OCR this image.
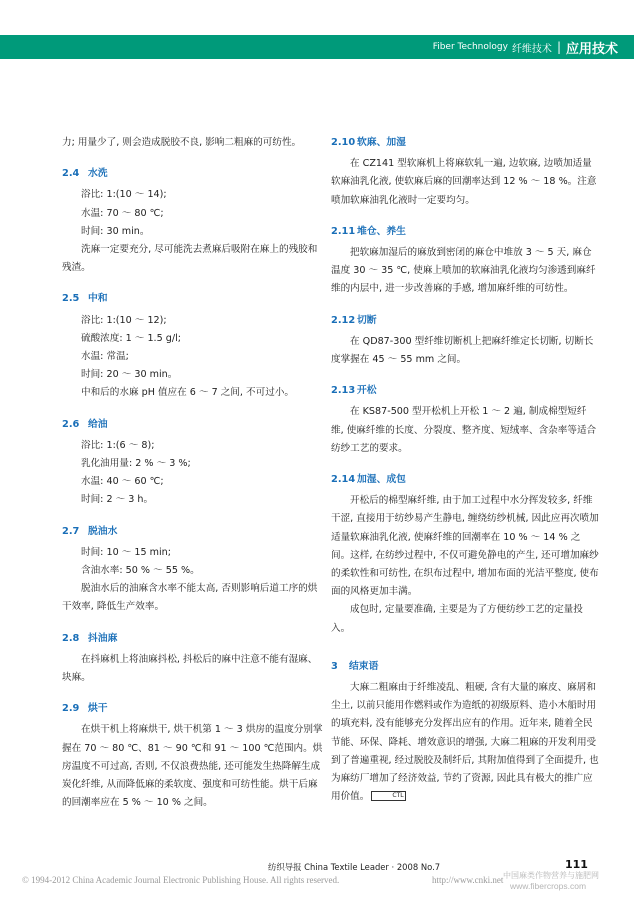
Fiber Technology 纤维技术 | 应用技术

力; 用量少了, 则会造成脱胶不良, 影响二粗麻的可纺性。

2.4 水洗

浴比: 1:(10 ～ 14);

水温: 70 ～ 80 ℃;

时间: 30 min。

洗麻一定要充分, 尽可能洗去煮麻后吸附在麻上的残胶和残渣。

2.5 中和

浴比: 1:(10 ～ 12);

硫酸浓度: 1 ～ 1.5 g/l;

水温: 常温;

时间: 20 ～ 30 min。

中和后的水麻 pH 值应在 6 ～ 7 之间, 不可过小。

2.6 给油

浴比: 1:(6 ～ 8);

乳化油用量: 2 % ～ 3 %;

水温: 40 ～ 60 ℃;

时间: 2 ～ 3 h。

2.7 脱油水

时间: 10 ～ 15 min;

含油水率: 50 % ～ 55 %。

脱油水后的油麻含水率不能太高, 否则影响后道工序的烘干效率, 降低生产效率。

2.8 抖油麻

在抖麻机上将油麻抖松, 抖松后的麻中注意不能有湿麻、块麻。

2.9 烘干

在烘干机上将麻烘干, 烘干机第 1 ～ 3 烘房的温度分别掌握在 70 ～ 80 ℃、81 ～ 90 ℃和 91 ～ 100 ℃范围内。烘房温度不可过高, 否则, 不仅浪费热能, 还可能发生热降解生成炭化纤维, 从而降低麻的柔软度、强度和可纺性能。烘干后麻的回潮率应在 5 % ～ 10 % 之间。

2.10 软麻、加湿

在 CZ141 型软麻机上将麻软轧一遍, 边软麻, 边喷加适量软麻油乳化液, 使软麻后麻的回潮率达到 12 % ～ 18 %。注意喷加软麻油乳化液时一定要均匀。

2.11 堆仓、养生

把软麻加湿后的麻放到密闭的麻仓中堆放 3 ～ 5 天, 麻仓温度 30 ～ 35 ℃, 使麻上喷加的软麻油乳化液均匀渗透到麻纤维的内层中, 进一步改善麻的手感, 增加麻纤维的可纺性。

2.12 切断

在 QD87-300 型纤维切断机上把麻纤维定长切断, 切断长度掌握在 45 ～ 55 mm 之间。

2.13 开松

在 KS87-500 型开松机上开松 1 ～ 2 遍, 制成棉型短纤维, 使麻纤维的长度、分裂度、整齐度、短绒率、含杂率等适合纺纱工艺的要求。

2.14 加湿、成包

开松后的棉型麻纤维, 由于加工过程中水分挥发较多, 纤维干涩, 直接用于纺纱易产生静电, 缠绕纺纱机械, 因此应再次喷加适量软麻油乳化液, 使麻纤维的回潮率在 10 % ～ 14 % 之间。这样, 在纺纱过程中, 不仅可避免静电的产生, 还可增加麻纱的柔软性和可纺性, 在织布过程中, 增加布面的光洁平整度, 使布面的风格更加丰满。

成包时, 定量要准确, 主要是为了方便纺纱工艺的定量投入。

3 结束语

大麻二粗麻由于纤维凌乱、粗硬, 含有大量的麻皮、麻屑和尘土, 以前只能用作燃料或作为造纸的初级原料、造小木船时用的填充料, 没有能够充分发挥出应有的作用。近年来, 随着全民节能、环保、降耗、增效意识的增强, 大麻二粗麻的开发利用受到了普遍重视, 经过脱胶及制纤后, 其附加值得到了全面提升, 也为麻纺厂增加了经济效益, 节约了资源, 因此具有极大的推广应用价值。	CTL

纺织导报 China Textile Leader · 2008 No.7	111
© 1994-2012 China Academic Journal Electronic Publishing House. All rights reserved.	http://www.cnki.net 中国麻类作物营养与施肥网
www.fibercrops.com
